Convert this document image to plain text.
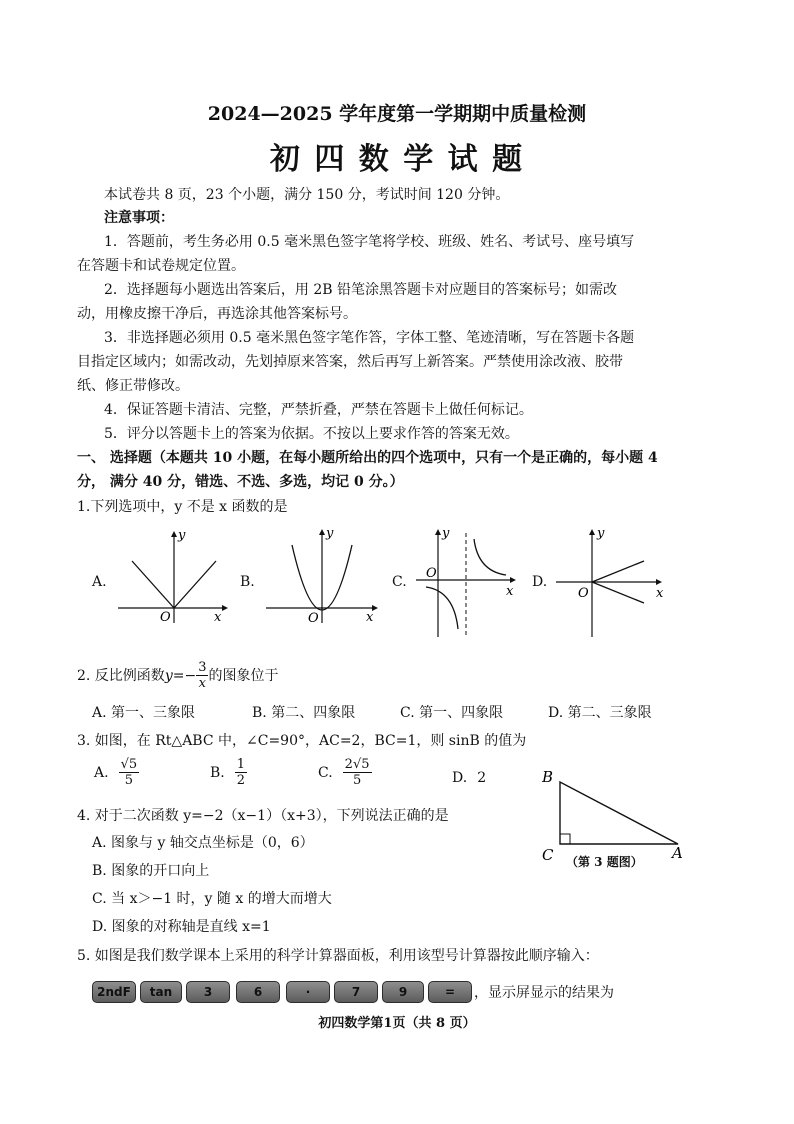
2024—2025 学年度第一学期期中质量检测
初 四 数 学 试 题
本试卷共 8 页，23 个小题，满分 150 分，考试时间 120 分钟。
注意事项：
1．答题前，考生务必用 0.5 毫米黑色签字笔将学校、班级、姓名、考试号、座号填写
在答题卡和试卷规定位置。
2．选择题每小题选出答案后，用 2B 铅笔涂黑答题卡对应题目的答案标号；如需改
动，用橡皮擦干净后，再选涂其他答案标号。
3．非选择题必须用 0.5 毫米黑色签字笔作答，字体工整、笔迹清晰，写在答题卡各题
目指定区域内；如需改动，先划掉原来答案，然后再写上新答案。严禁使用涂改液、胶带
纸、修正带修改。
4．保证答题卡清洁、完整，严禁折叠，严禁在答题卡上做任何标记。
5．评分以答题卡上的答案为依据。不按以上要求作答的答案无效。
一、 选择题（本题共 10 小题，在每小题所给出的四个选项中，只有一个是正确的，每小题 4
分， 满分 40 分，错选、不选、多选，均记 0 分。）
1.下列选项中，y 不是 x 函数的是
A.
y
x
O
B.
y
x
O
C.
y
x
O
D.
y
x
O
2. 反比例函数 $y=- \frac{3}{x}$ 的图象位于
A. 第一、三象限	B. 第二、四象限	C. 第一、四象限	D. 第二、三象限
3. 如图，在 Rt△ABC 中，∠C=90°，AC=2，BC=1，则 sinB 的值为
A. $\frac{√5}{5}$	B. $\frac{1}{2}$	C. $\frac{2√5}{5}$	D. 2	B
C	A
（第 3 题图）
4. 对于二次函数 y=−2（x−1）（x+3），下列说法正确的是
A. 图象与 y 轴交点坐标是（0，6）
B. 图象的开口向上
C. 当 x＞−1 时，y 随 x 的增大而增大
D. 图象的对称轴是直线 x=1
5. 如图是我们数学课本上采用的科学计算器面板，利用该型号计算器按此顺序输入：
2ndF	tan	3	6	·	7	9	=	，显示屏显示的结果为
初四数学第1页（共 8 页）
